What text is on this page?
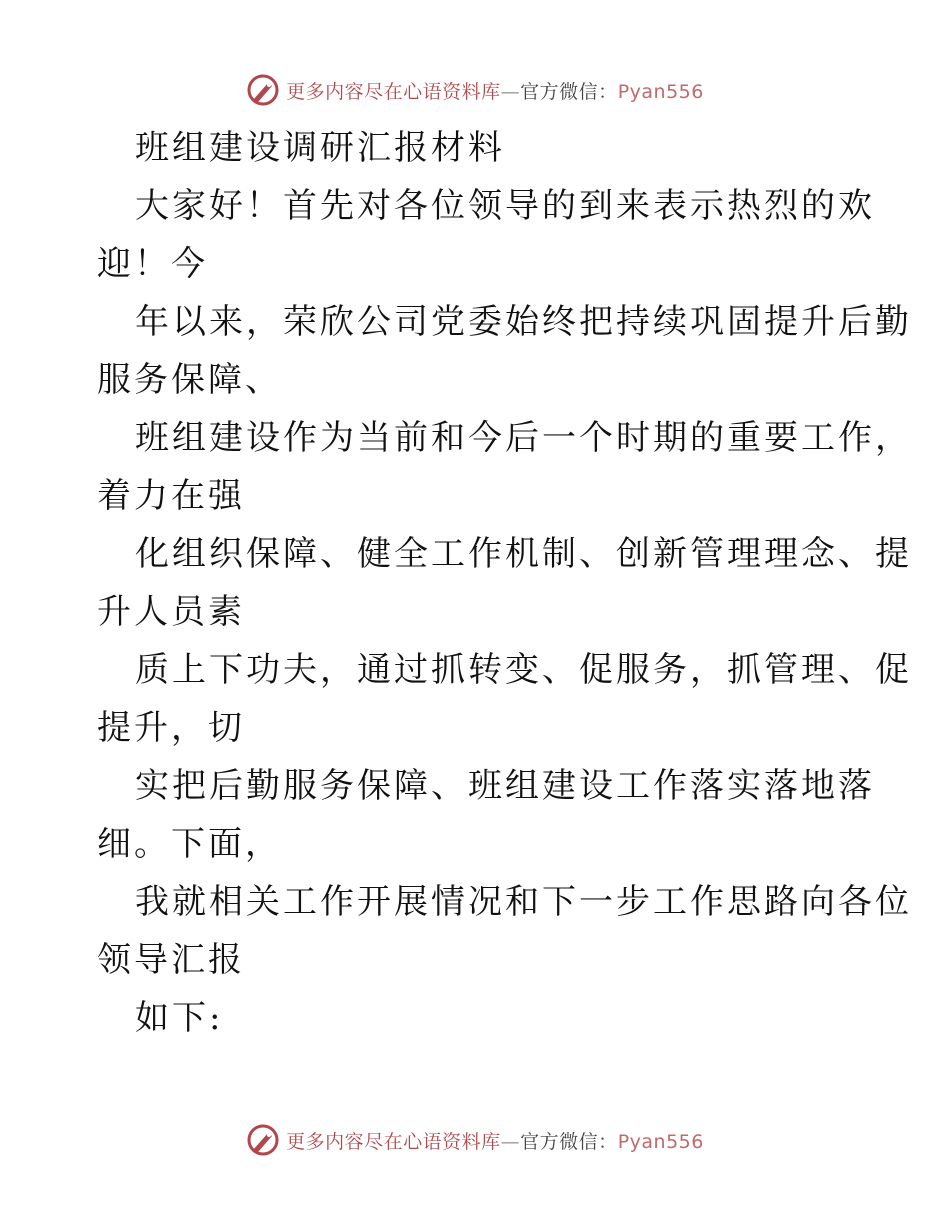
更多内容尽在心语资料库—官方微信：Pyan556
班组建设调研汇报材料
大家好！首先对各位领导的到来表示热烈的欢
迎！今
年以来，荣欣公司党委始终把持续巩固提升后勤
服务保障、
班组建设作为当前和今后一个时期的重要工作，
着力在强
化组织保障、健全工作机制、创新管理理念、提
升人员素
质上下功夫，通过抓转变、促服务，抓管理、促
提升，切
实把后勤服务保障、班组建设工作落实落地落
细。下面，
我就相关工作开展情况和下一步工作思路向各位
领导汇报
如下:
更多内容尽在心语资料库—官方微信：Pyan556
